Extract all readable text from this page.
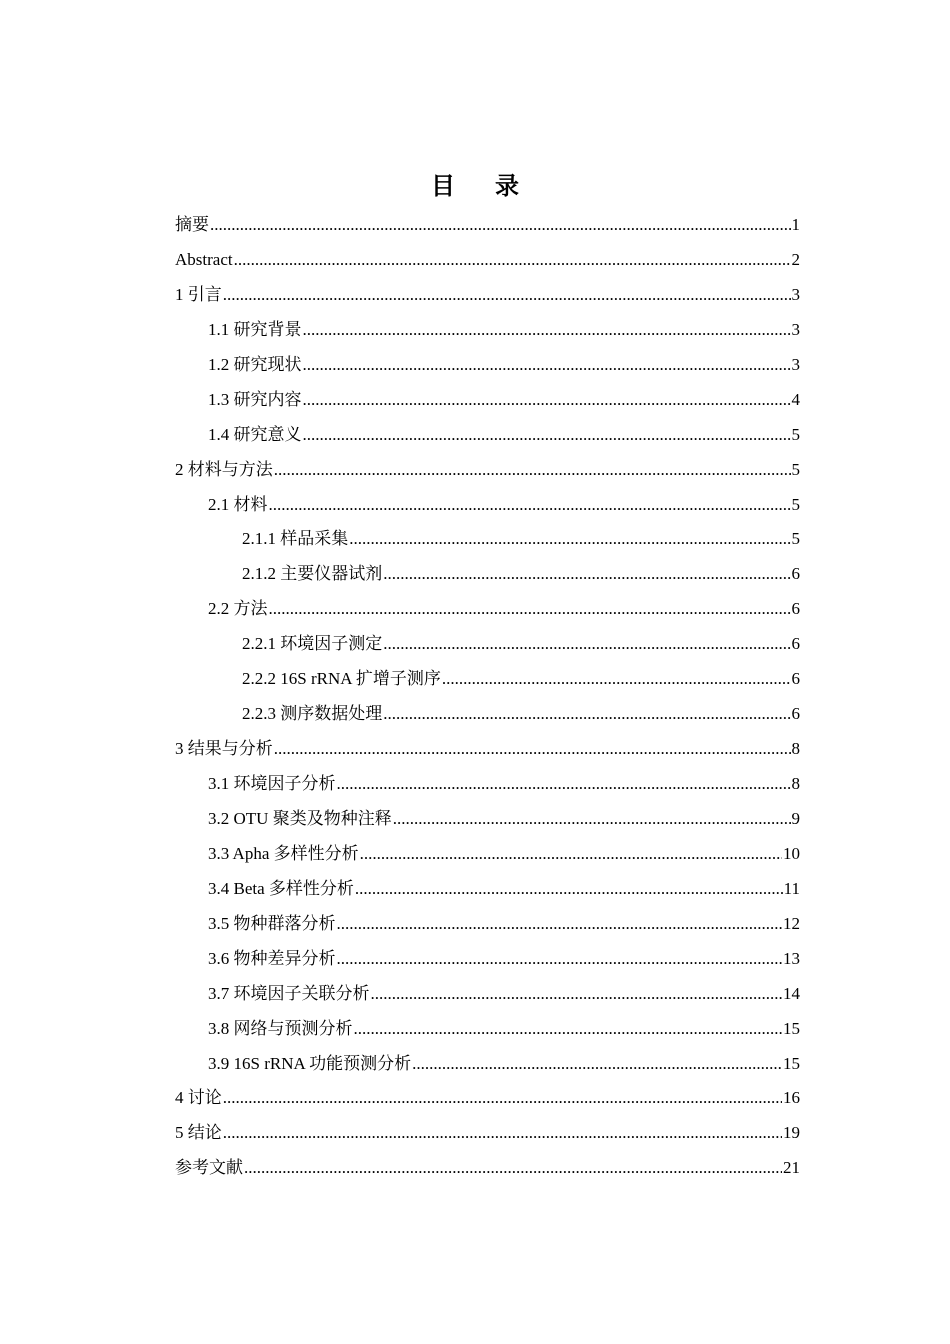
目录
摘要 .....	1
Abstract .....	2
1 引言 .....	3
1.1 研究背景 .....	3
1.2 研究现状 .....	3
1.3 研究内容 .....	4
1.4 研究意义 .....	5
2 材料与方法 .....	5
2.1 材料 .....	5
2.1.1 样品采集 .....	5
2.1.2 主要仪器试剂 .....	6
2.2 方法 .....	6
2.2.1 环境因子测定 .....	6
2.2.2 16S rRNA 扩增子测序 .....	6
2.2.3 测序数据处理 .....	6
3 结果与分析 .....	8
3.1 环境因子分析 .....	8
3.2 OTU 聚类及物种注释 .....	9
3.3 Apha 多样性分析 .....	10
3.4 Beta 多样性分析 .....	11
3.5 物种群落分析 .....	12
3.6 物种差异分析 .....	13
3.7 环境因子关联分析 .....	14
3.8 网络与预测分析 .....	15
3.9 16S rRNA 功能预测分析 .....	15
4 讨论 .....	16
5 结论 .....	19
参考文献 .....	21
